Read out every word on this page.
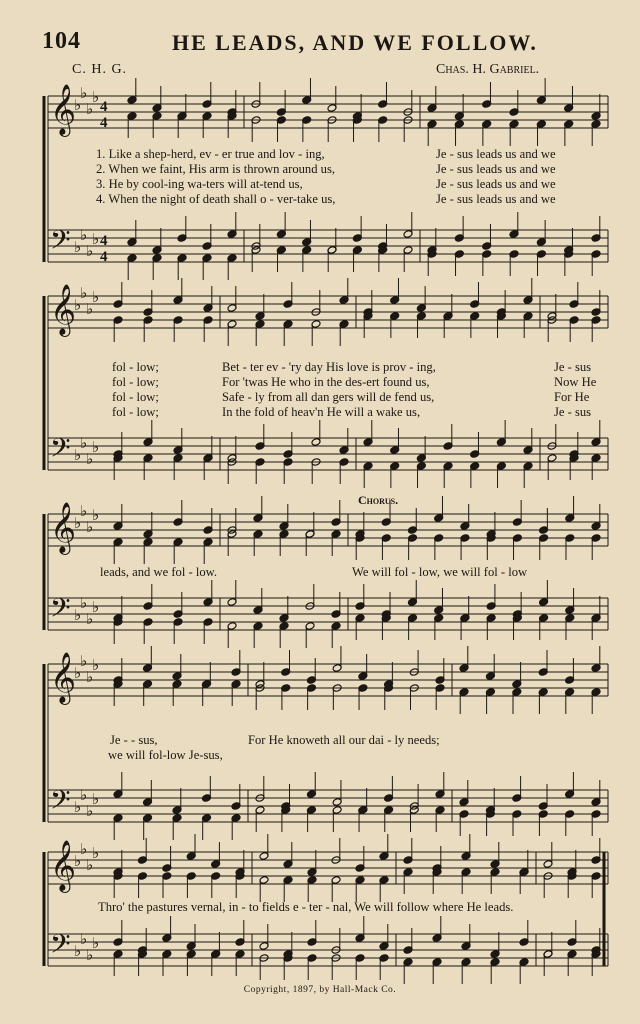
𝄞
𝄢
♭
♭
♭
♭
♭
♭
♭
♭
4
4
4
4
𝄞
𝄢
♭
♭
♭
♭
♭
♭
♭
♭
𝄞
𝄢
♭
♭
♭
♭
♭
♭
♭
♭
𝄞
𝄢
♭
♭
♭
♭
♭
♭
♭
♭
𝄞
𝄢
♭
♭
♭
♭
♭
♭
♭
♭
104	HE LEADS, AND WE FOLLOW.
C. H. G.	Chas. H. Gabriel.
1. Like a shep-herd, ev - er true and lov - ing,	Je - sus leads us and we
2. When we faint, His arm is thrown around us,	Je - sus leads us and we
3. He by cool-ing wa-ters will at-tend us,	Je - sus leads us and we
4. When the night of death shall o - ver-take us,	Je - sus leads us and we
fol - low;	Bet - ter ev - 'ry day His love is prov - ing,	Je - sus
fol - low;	For 'twas He who in the des-ert found us,	Now He
fol - low;	Safe - ly from all dan gers will de fend us,	For He
fol - low;	In the fold of heav'n He will a wake us,	Je - sus
Chorus.
leads, and we fol - low.	We will fol - low, we will fol - low
Je - - sus,	For He knoweth all our dai - ly needs;
we will fol-low Je-sus,
Thro' the pastures vernal, in - to fields e - ter - nal, We will follow where He leads.
Copyright, 1897, by Hall-Mack Co.
